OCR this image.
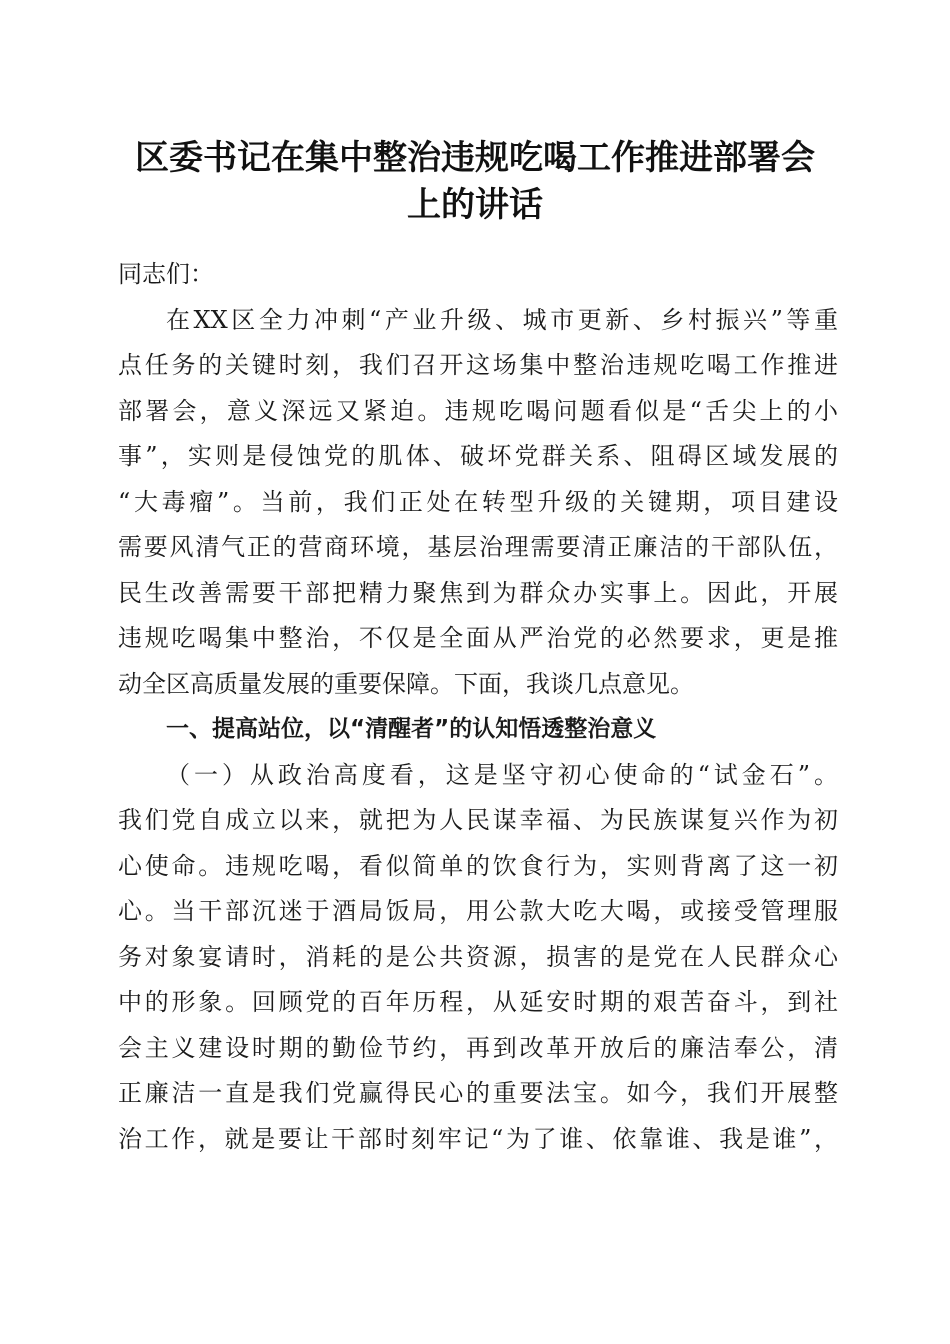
区委书记在集中整治违规吃喝工作推进部署会
上的讲话
同志们：
在XX区全力冲刺“产业升级、城市更新、乡村振兴”等重
点任务的关键时刻，我们召开这场集中整治违规吃喝工作推进
部署会，意义深远又紧迫。违规吃喝问题看似是“舌尖上的小
事”，实则是侵蚀党的肌体、破坏党群关系、阻碍区域发展的
“大毒瘤”。当前，我们正处在转型升级的关键期，项目建设
需要风清气正的营商环境，基层治理需要清正廉洁的干部队伍，
民生改善需要干部把精力聚焦到为群众办实事上。因此，开展
违规吃喝集中整治，不仅是全面从严治党的必然要求，更是推
动全区高质量发展的重要保障。下面，我谈几点意见。
一、提高站位，以“清醒者”的认知悟透整治意义
（一）从政治高度看，这是坚守初心使命的“试金石”。
我们党自成立以来，就把为人民谋幸福、为民族谋复兴作为初
心使命。违规吃喝，看似简单的饮食行为，实则背离了这一初
心。当干部沉迷于酒局饭局，用公款大吃大喝，或接受管理服
务对象宴请时，消耗的是公共资源，损害的是党在人民群众心
中的形象。回顾党的百年历程，从延安时期的艰苦奋斗，到社
会主义建设时期的勤俭节约，再到改革开放后的廉洁奉公，清
正廉洁一直是我们党赢得民心的重要法宝。如今，我们开展整
治工作，就是要让干部时刻牢记“为了谁、依靠谁、我是谁”，
